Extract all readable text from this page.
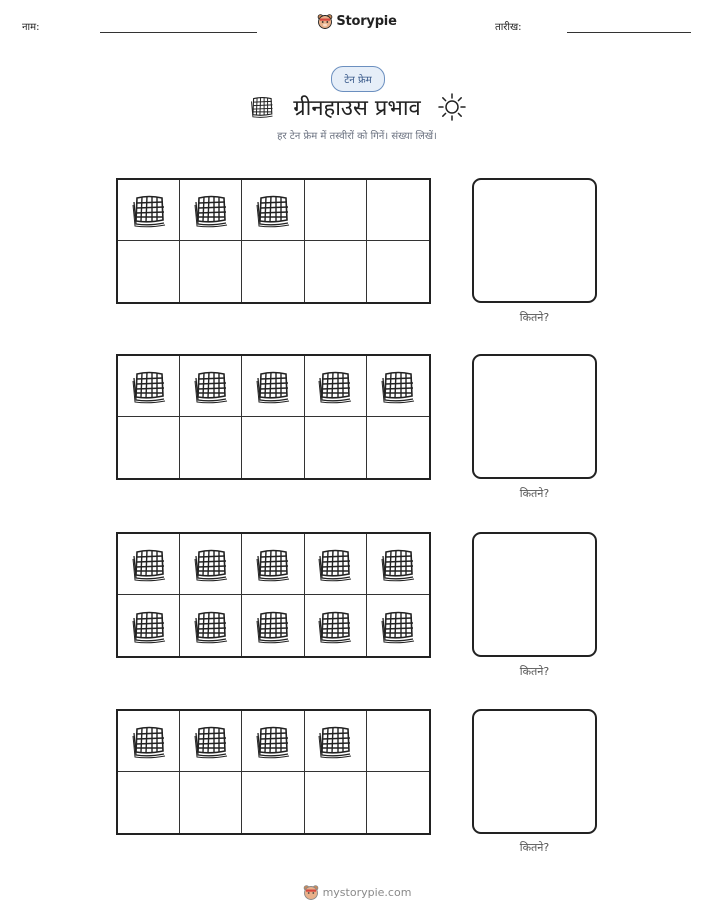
नाम:	Storypie	तारीख:
टेन फ्रेम
ग्रीनहाउस प्रभाव
हर टेन फ्रेम में तस्वीरों को गिनें। संख्या लिखें।
कितने?
कितने?
कितने?
कितने?
mystorypie.com
